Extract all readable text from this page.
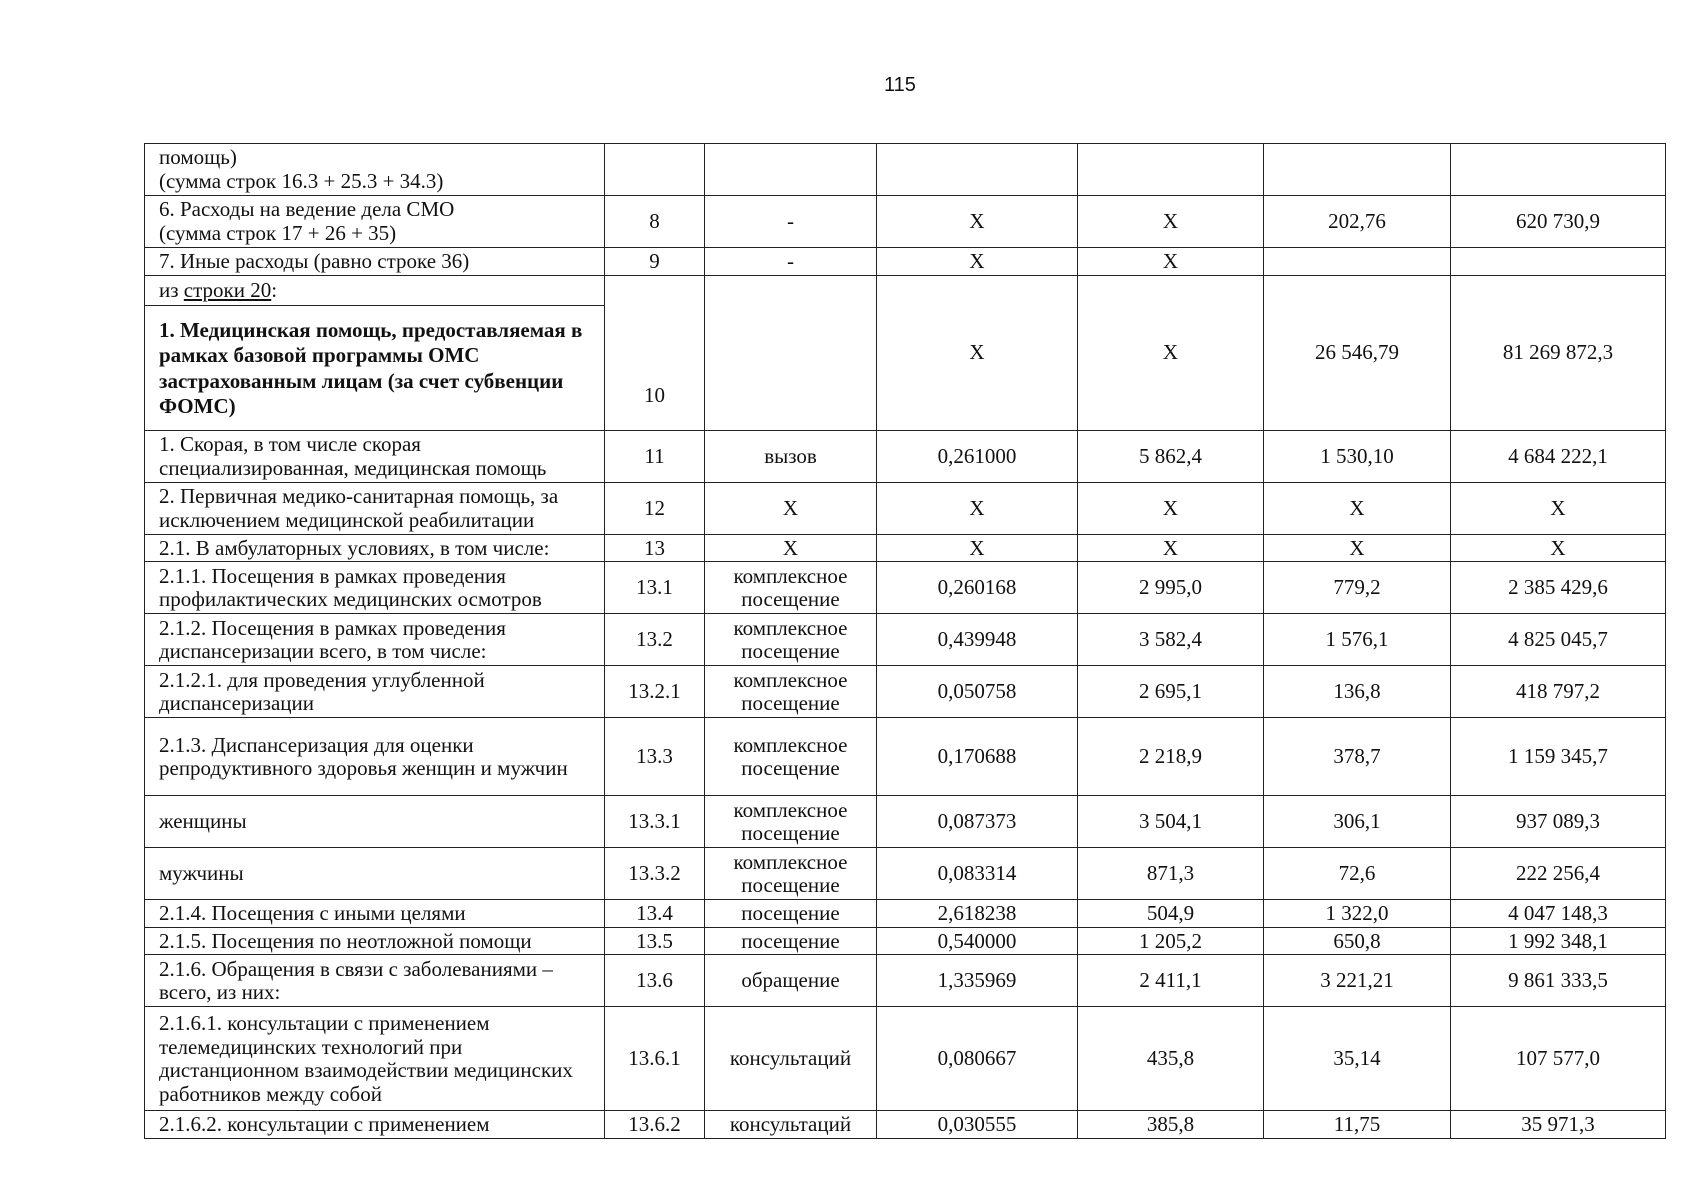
115
помощь)
(сумма строк 16.3 + 25.3 + 34.3)						
6. Расходы на ведение дела СМО
(сумма строк 17 + 26 + 35)	8	-	Х	Х	202,76	620 730,9
7. Иные расходы (равно строке 36)	9	-	Х	Х		

из строки 20:
1. Медицинская помощь, предоставляемая в рамках базовой программы ОМС застрахованным лицам (за счет субвенции ФОМС)	10		Х	Х	26 546,79	81 269 872,3
1. Скорая, в том числе скорая специализированная, медицинская помощь	11	вызов	0,261000	5 862,4	1 530,10	4 684 222,1
2. Первичная медико-санитарная помощь, за исключением медицинской реабилитации	12	Х	Х	Х	Х	Х
2.1. В амбулаторных условиях, в том числе:	13	Х	Х	Х	Х	Х
2.1.1. Посещения в рамках проведения профилактических медицинских осмотров	13.1	комплексное посещение	0,260168	2 995,0	779,2	2 385 429,6
2.1.2. Посещения в рамках проведения диспансеризации всего, в том числе:	13.2	комплексное посещение	0,439948	3 582,4	1 576,1	4 825 045,7
2.1.2.1. для проведения углубленной диспансеризации	13.2.1	комплексное посещение	0,050758	2 695,1	136,8	418 797,2
2.1.3. Диспансеризация для оценки репродуктивного здоровья женщин и мужчин	13.3	комплексное посещение	0,170688	2 218,9	378,7	1 159 345,7
женщины	13.3.1	комплексное посещение	0,087373	3 504,1	306,1	937 089,3
мужчины	13.3.2	комплексное посещение	0,083314	871,3	72,6	222 256,4
2.1.4. Посещения с иными целями	13.4	посещение	2,618238	504,9	1 322,0	4 047 148,3
2.1.5. Посещения по неотложной помощи	13.5	посещение	0,540000	1 205,2	650,8	1 992 348,1
2.1.6. Обращения в связи с заболеваниями – всего, из них:	13.6	обращение	1,335969	2 411,1	3 221,21	9 861 333,5
2.1.6.1. консультации с применением телемедицинских технологий при дистанционном взаимодействии медицинских работников между собой	13.6.1	консультаций	0,080667	435,8	35,14	107 577,0
2.1.6.2. консультации с применением	13.6.2	консультаций	0,030555	385,8	11,75	35 971,3
